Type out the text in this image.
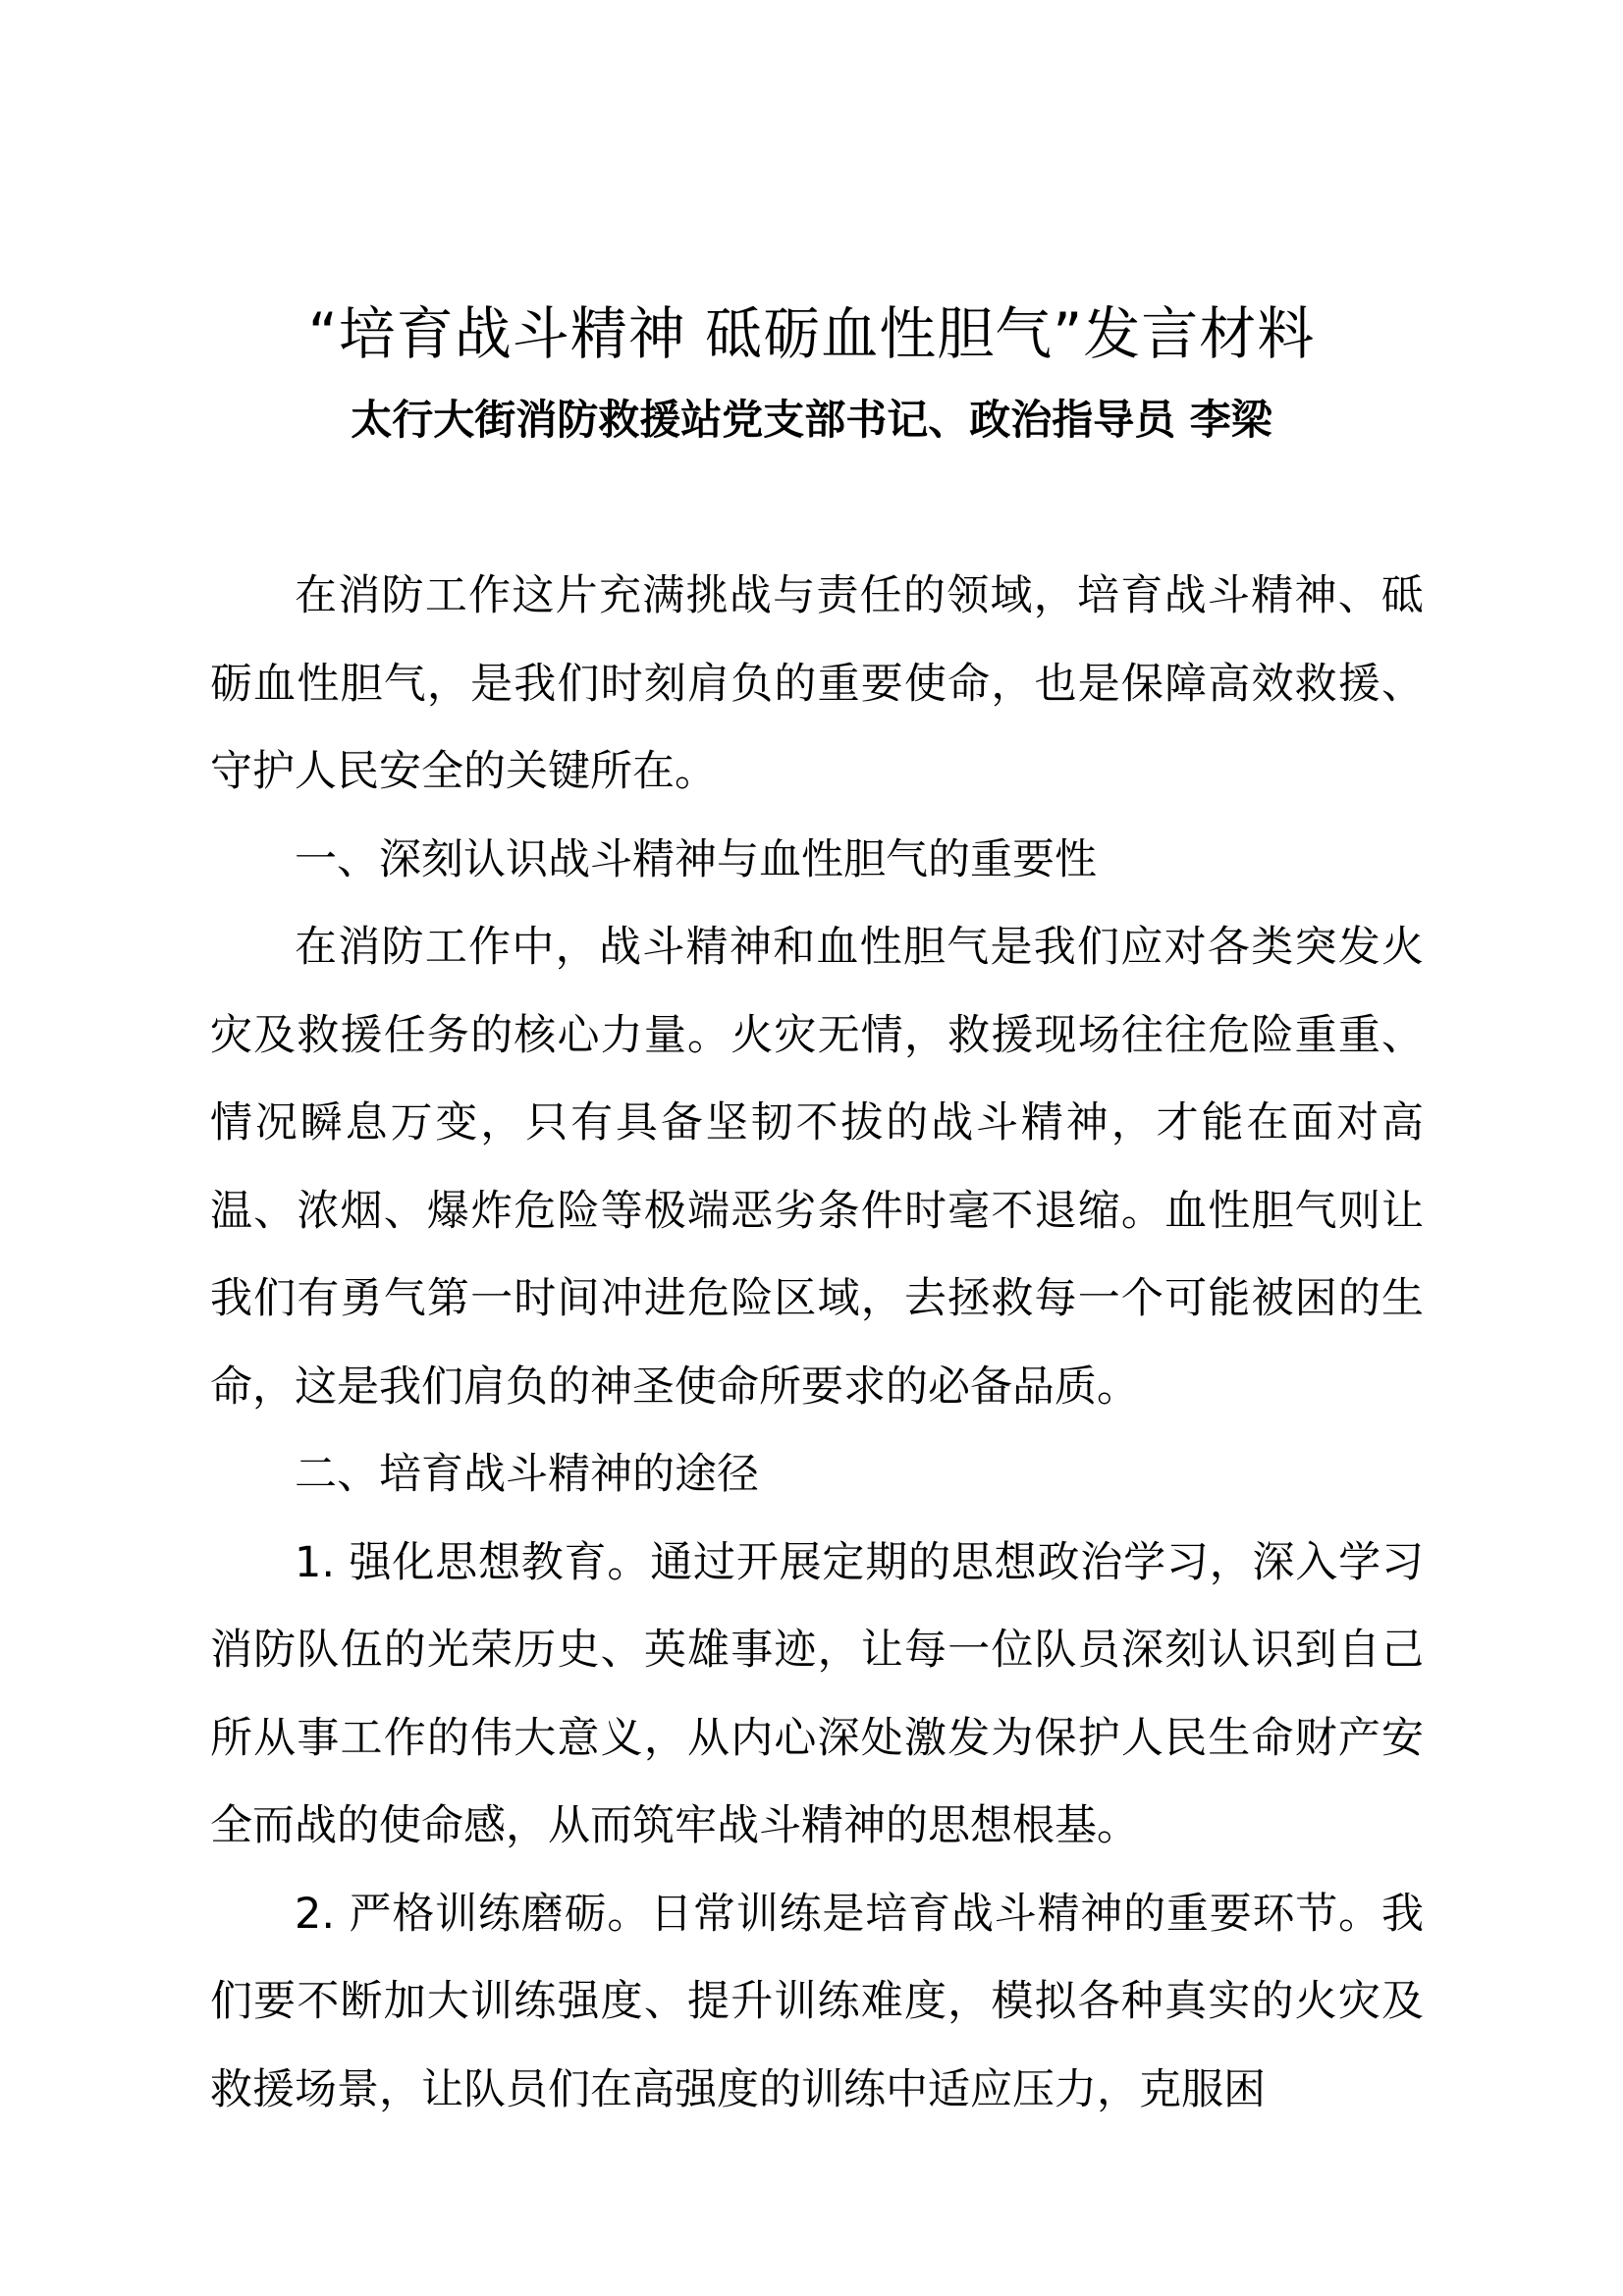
“培育战斗精神 砥砺血性胆气”发言材料
太行大街消防救援站党支部书记、政治指导员 李梁

在消防工作这片充满挑战与责任的领域，培育战斗精神、砥砺血性胆气，是我们时刻肩负的重要使命，也是保障高效救援、守护人民安全的关键所在。

一、深刻认识战斗精神与血性胆气的重要性

在消防工作中，战斗精神和血性胆气是我们应对各类突发火灾及救援任务的核心力量。火灾无情，救援现场往往危险重重、情况瞬息万变，只有具备坚韧不拔的战斗精神，才能在面对高温、浓烟、爆炸危险等极端恶劣条件时毫不退缩。血性胆气则让我们有勇气第一时间冲进危险区域，去拯救每一个可能被困的生命，这是我们肩负的神圣使命所要求的必备品质。

二、培育战斗精神的途径

1. 强化思想教育。通过开展定期的思想政治学习，深入学习消防队伍的光荣历史、英雄事迹，让每一位队员深刻认识到自己所从事工作的伟大意义，从内心深处激发为保护人民生命财产安全而战的使命感，从而筑牢战斗精神的思想根基。

2. 严格训练磨砺。日常训练是培育战斗精神的重要环节。我们要不断加大训练强度、提升训练难度，模拟各种真实的火灾及救援场景，让队员们在高强度的训练中适应压力，克服困
